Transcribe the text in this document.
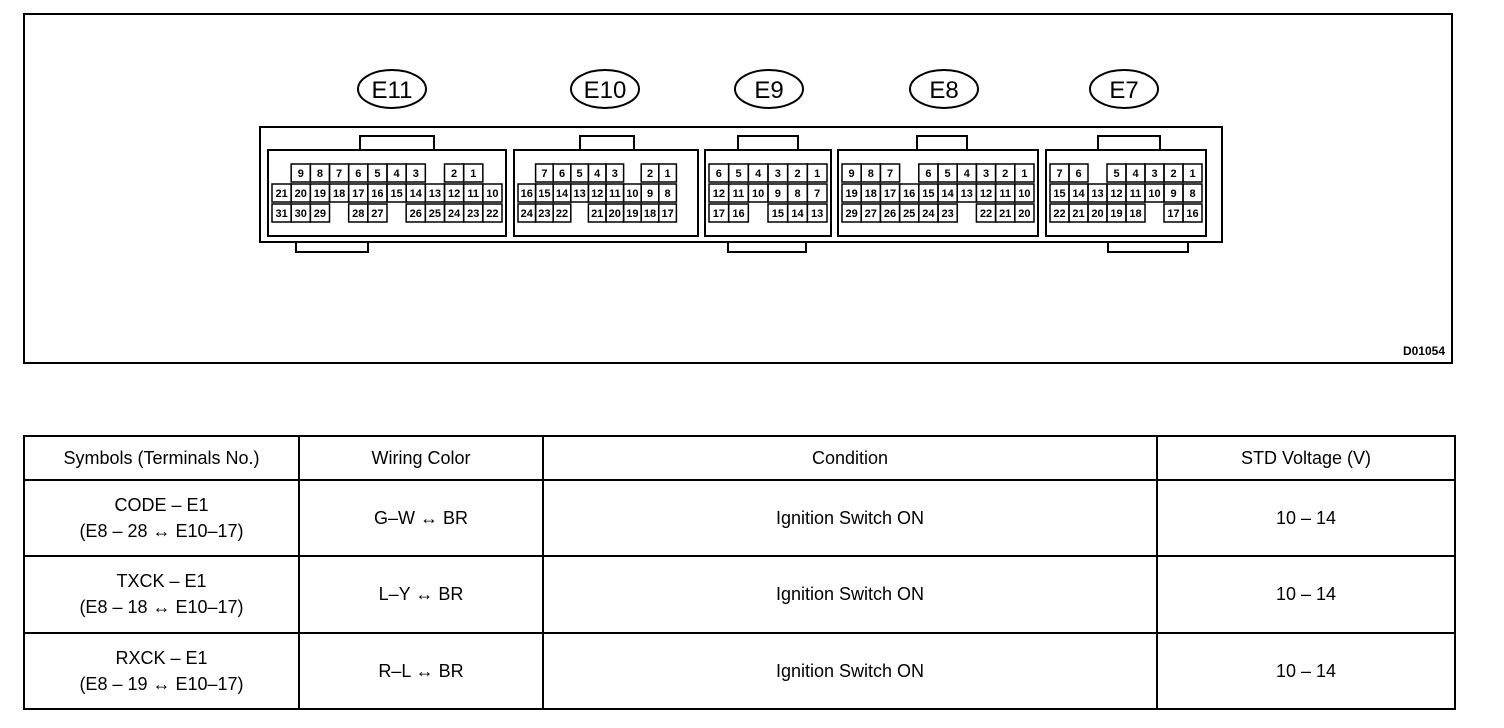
E11
9 8 7 6 5 4 3	2 1
21 20 19 18 17 16 15 14 13 12 11 10
31 30 29 28 27 26 25 24 23 22
E10
7 6 5 4 3	2 1
16 15 14 13 12 11 10 9 8
24 23 22 21 20 19 18 17
E9
6 5 4 3 2 1
12 11 10 9 8 7
17 16 15 14 13
E8
9 8 7	6 5 4 3 2 1
19 18 17 16 15 14 13 12 11 10
29 27 26 25 24 23 22 21 20
E7
7 6	5 4 3 2 1
15 14 13 12 11 10 9 8
22 21 20 19 18 17 16
D01054
Symbols (Terminals No.)	Wiring Color	Condition	STD Voltage (V)

CODE – E1
(E8 – 28 ↔ E10–17)	G–W ↔ BR	Ignition Switch ON	10 – 14

TXCK – E1
(E8 – 18 ↔ E10–17)	L–Y ↔ BR	Ignition Switch ON	10 – 14

RXCK – E1
(E8 – 19 ↔ E10–17)	R–L ↔ BR	Ignition Switch ON	10 – 14
